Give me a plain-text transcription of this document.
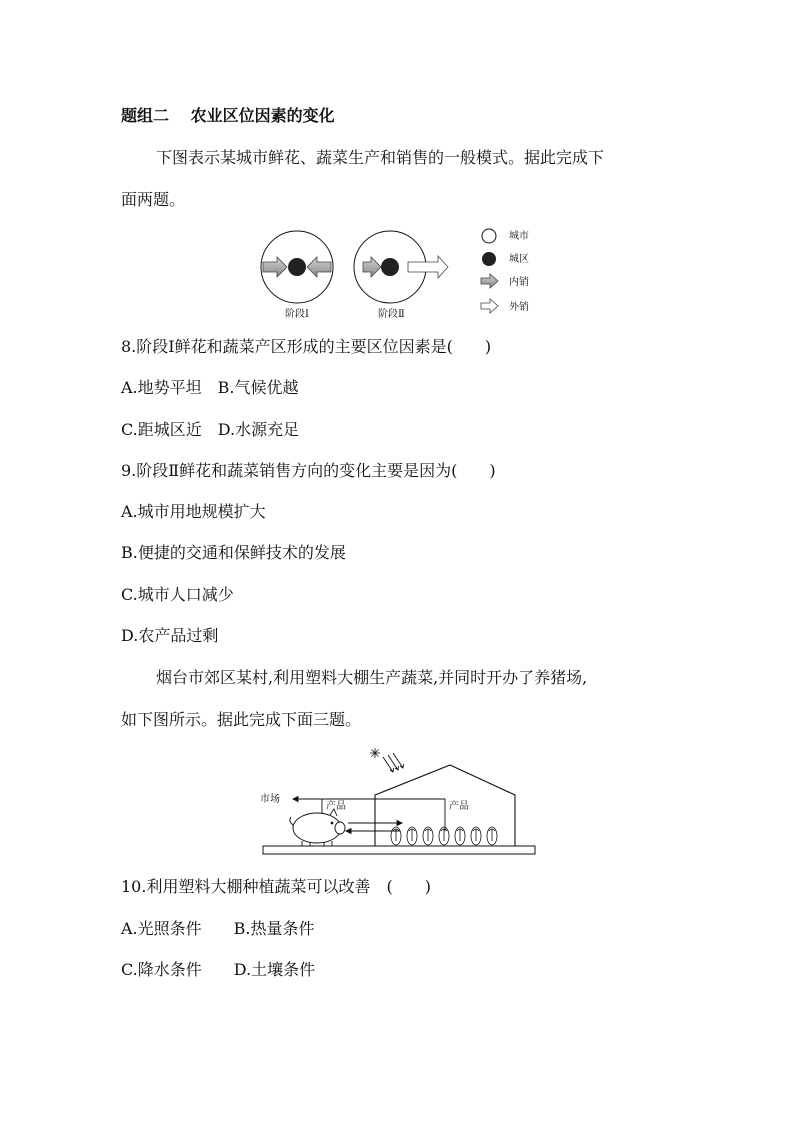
题组二　 农业区位因素的变化
下图表示某城市鲜花、蔬菜生产和销售的一般模式。据此完成下
面两题。
阶段Ⅰ	阶段Ⅱ
城市
城区
内销
外销
8.阶段Ⅰ鲜花和蔬菜产区形成的主要区位因素是(　　)
A.地势平坦　B.气候优越
C.距城区近　D.水源充足
9.阶段Ⅱ鲜花和蔬菜销售方向的变化主要是因为(　　)
A.城市用地规模扩大
B.便捷的交通和保鲜技术的发展
C.城市人口减少
D.农产品过剩
烟台市郊区某村,利用塑料大棚生产蔬菜,并同时开办了养猪场,
如下图所示。据此完成下面三题。
市场
产品	产品
10.利用塑料大棚种植蔬菜可以改善　(　　)
A.光照条件　　B.热量条件
C.降水条件　　D.土壤条件
